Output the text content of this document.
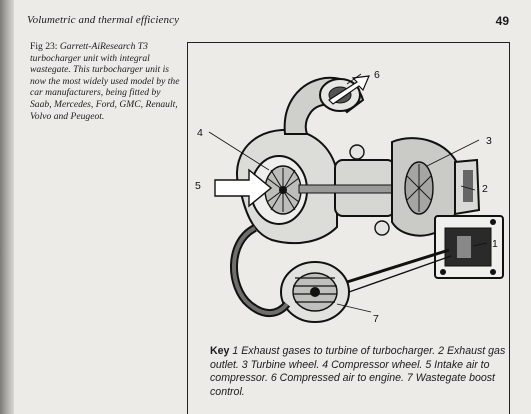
Volumetric and thermal efficiency	49
Fig 23: Garrett-AiResearch T3 turbocharger unit with integral wastegate. This turbocharger unit is now the most widely used model by the car manufacturers, being fitted by Saab, Mercedes, Ford, GMC, Renault, Volvo and Peugeot.
6
4
3
5	2
1
7
Key 1 Exhaust gases to turbine of turbocharger. 2 Exhaust gas outlet. 3 Turbine wheel. 4 Compressor wheel. 5 Intake air to compressor. 6 Compressed air to engine. 7 Wastegate boost control.
